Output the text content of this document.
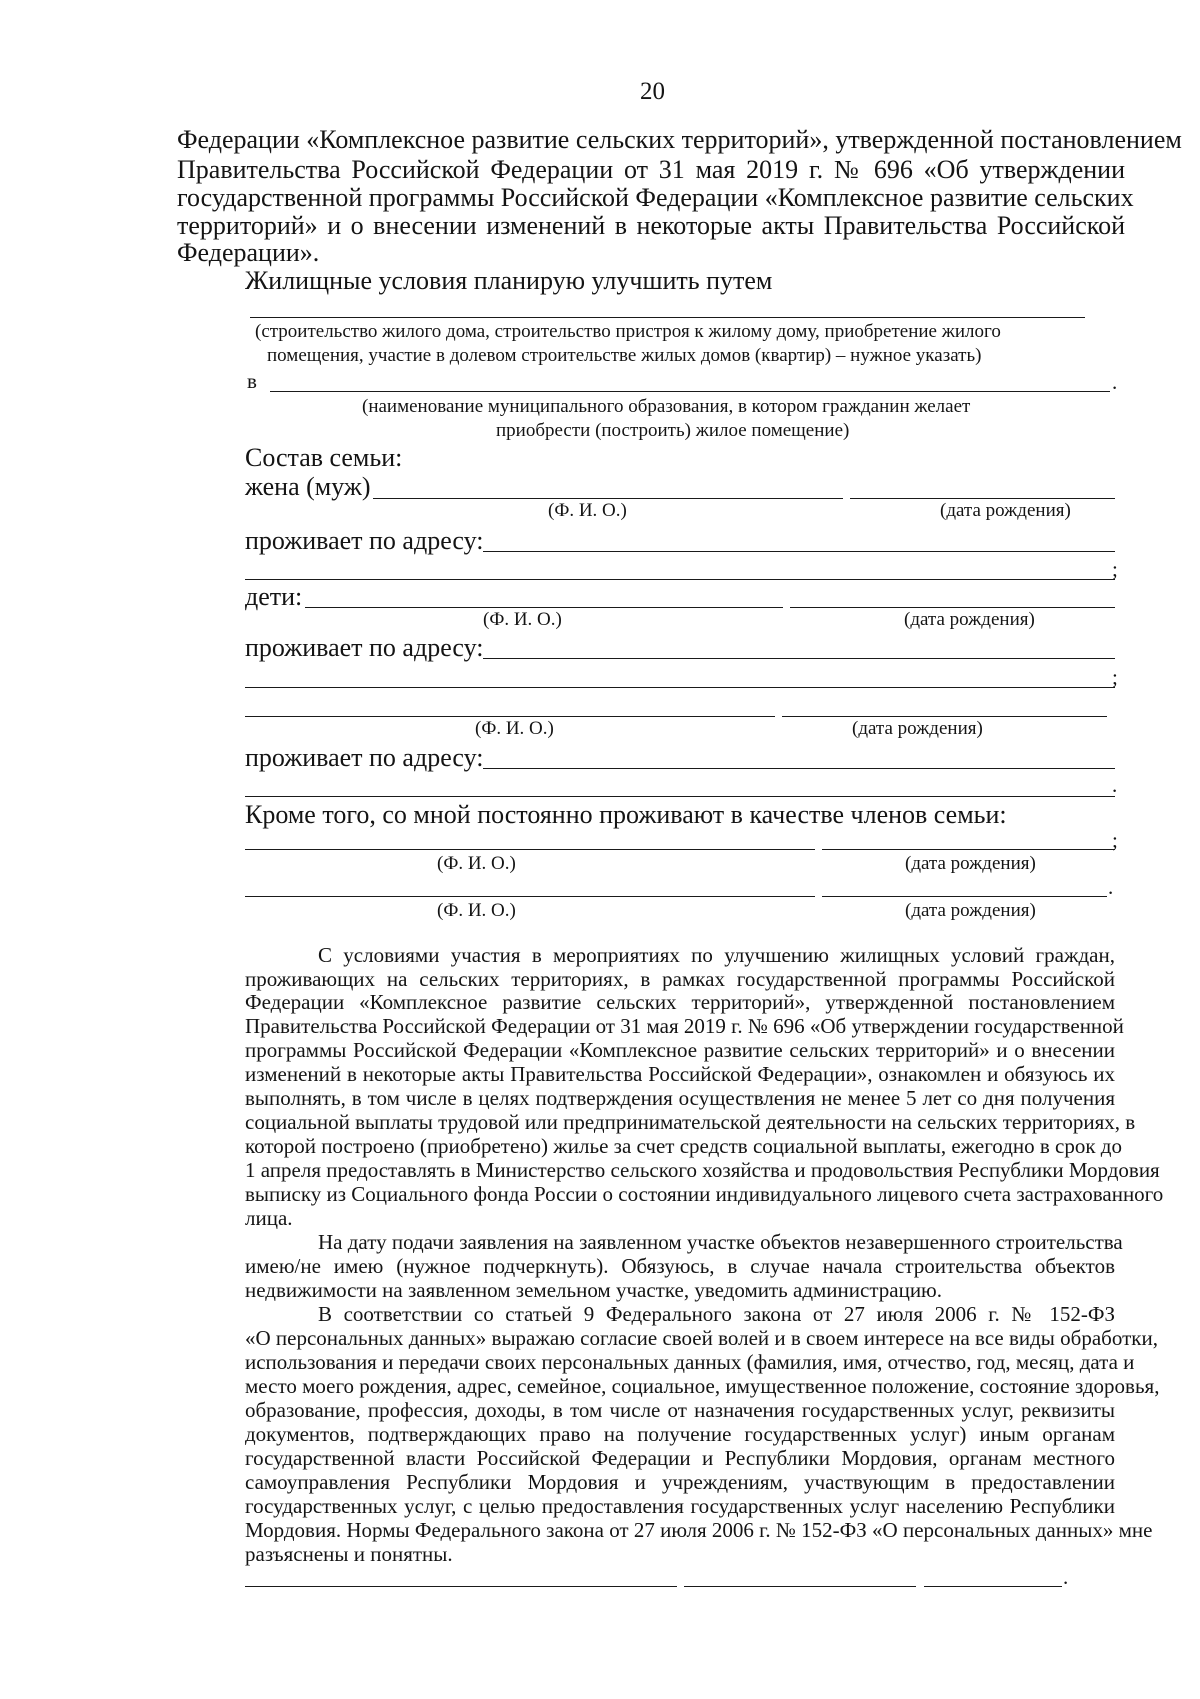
20
Федерации «Комплексное развитие сельских территорий», утвержденной постановлением
Правительства Российской Федерации от 31 мая 2019 г. № 696 «Об утверждении
государственной программы Российской Федерации «Комплексное развитие сельских
территорий» и о внесении изменений в некоторые акты Правительства Российской
Федерации».
Жилищные условия планирую улучшить путем
(строительство жилого дома, строительство пристроя к жилому дому, приобретение жилого
помещения, участие в долевом строительстве жилых домов (квартир) – нужное указать)
в	.
(наименование муниципального образования, в котором гражданин желает
приобрести (построить) жилое помещение)
Состав семьи:
жена (муж)
(Ф. И. О.)	(дата рождения)
проживает по адресу:
;
дети:
(Ф. И. О.)	(дата рождения)
проживает по адресу:
;
(Ф. И. О.)	(дата рождения)
проживает по адресу:
.
Кроме того, со мной постоянно проживают в качестве членов семьи:
;
(Ф. И. О.)	(дата рождения)
.
(Ф. И. О.)	(дата рождения)
С условиями участия в мероприятиях по улучшению жилищных условий граждан,
проживающих на сельских территориях, в рамках государственной программы Российской
Федерации «Комплексное развитие сельских территорий», утвержденной постановлением
Правительства Российской Федерации от 31 мая 2019 г. № 696 «Об утверждении государственной
программы Российской Федерации «Комплексное развитие сельских территорий» и о внесении
изменений в некоторые акты Правительства Российской Федерации», ознакомлен и обязуюсь их
выполнять, в том числе в целях подтверждения осуществления не менее 5 лет со дня получения
социальной выплаты трудовой или предпринимательской деятельности на сельских территориях, в
которой построено (приобретено) жилье за счет средств социальной выплаты, ежегодно в срок до
1 апреля предоставлять в Министерство сельского хозяйства и продовольствия Республики Мордовия
выписку из Социального фонда России о состоянии индивидуального лицевого счета застрахованного
лица.
На дату подачи заявления на заявленном участке объектов незавершенного строительства
имею/не имею (нужное подчеркнуть). Обязуюсь, в случае начала строительства объектов
недвижимости на заявленном земельном участке, уведомить администрацию.
В соответствии со статьей 9 Федерального закона от 27 июля 2006 г. № 152-ФЗ
«О персональных данных» выражаю согласие своей волей и в своем интересе на все виды обработки,
использования и передачи своих персональных данных (фамилия, имя, отчество, год, месяц, дата и
место моего рождения, адрес, семейное, социальное, имущественное положение, состояние здоровья,
образование, профессия, доходы, в том числе от назначения государственных услуг, реквизиты
документов, подтверждающих право на получение государственных услуг) иным органам
государственной власти Российской Федерации и Республики Мордовия, органам местного
самоуправления Республики Мордовия и учреждениям, участвующим в предоставлении
государственных услуг, с целью предоставления государственных услуг населению Республики
Мордовия. Нормы Федерального закона от 27 июля 2006 г. № 152-ФЗ «О персональных данных» мне
разъяснены и понятны.
.
